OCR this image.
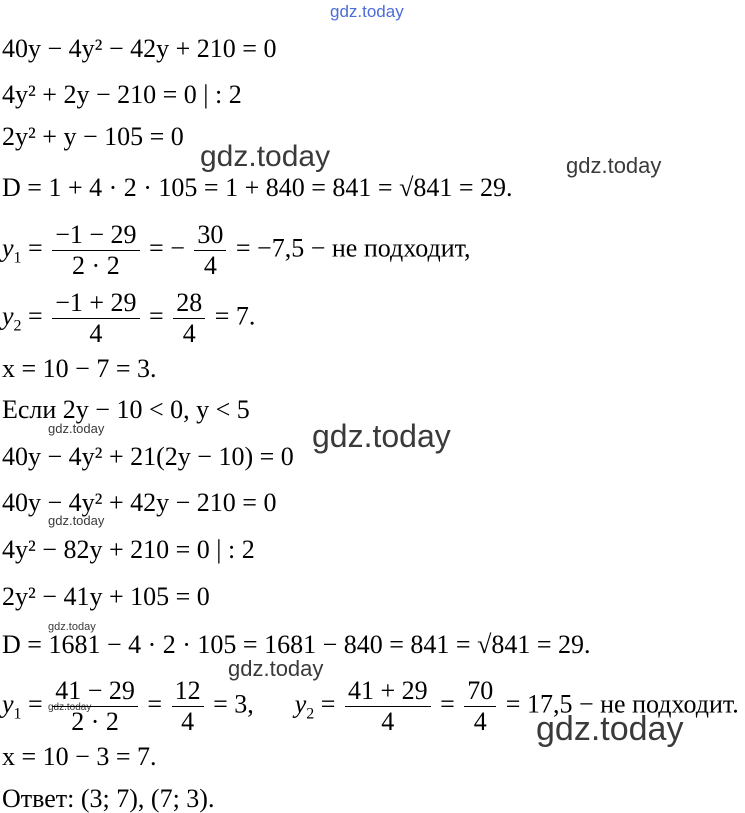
gdz.today
gdz.today	gdz.today
gdz.today	gdz.today
gdz.today
gdz.today
gdz.today
gdz.today
gdz.today
40y − 4y² − 42y + 210 = 0
4y² + 2y − 210 = 0 | : 2
2y² + y − 105 = 0
D = 1 + 4 · 2 · 105 = 1 + 840 = 841 = √841 = 29.
$y_1 = \frac{-1 - 29}{2 \cdot 2}$ = − $\frac{30}{4} = -7,5$ − не подходит,
$y_2 = \frac{-1 + 29}{4} = \frac{28}{4} = 7$.
x = 10 − 7 = 3.
Если 2y − 10 < 0, y < 5
40y − 4y² + 21(2y − 10) = 0
40y − 4y² + 42y − 210 = 0
4y² − 82y + 210 = 0 | : 2
2y² − 41y + 105 = 0
D = 1681 − 4 · 2 · 105 = 1681 − 840 = 841 = √841 = 29.
$y_1 = \frac{41 - 29}{2 \cdot 2} = \frac{12}{4} = 3$,  $y_2 = \frac{41 + 29}{4} = \frac{70}{4} = 17,5$ − не подходит.
x = 10 − 3 = 7.
Ответ: (3; 7), (7; 3).
